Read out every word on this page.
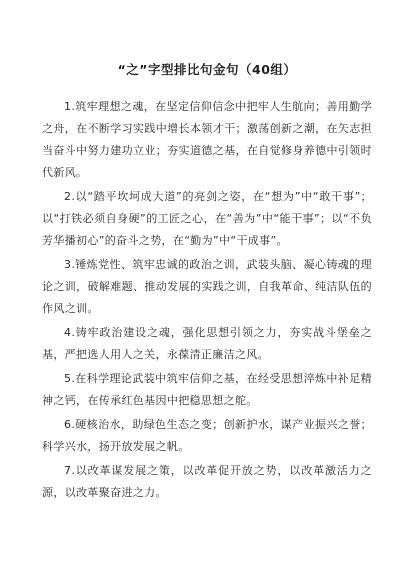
“之”字型排比句金句（40组）

1.筑牢理想之魂，在坚定信仰信念中把牢人生航向；善用勤学之舟，在不断学习实践中增长本领才干；激荡创新之潮，在矢志担当奋斗中努力建功立业；夯实道德之基，在自觉修身养德中引领时代新风。

2.以“踏平坎坷成大道”的亮剑之姿，在“想为”中“敢干事”；以“打铁必须自身硬”的工匠之心，在“善为”中“能干事”；以“不负芳华播初心”的奋斗之势，在“勤为”中“干成事”。

3.锤炼党性、筑牢忠诚的政治之训，武装头脑、凝心铸魂的理论之训，破解难题、推动发展的实践之训，自我革命、纯洁队伍的作风之训。

4.铸牢政治建设之魂，强化思想引领之力，夯实战斗堡垒之基，严把选人用人之关，永葆清正廉洁之风。

5.在科学理论武装中筑牢信仰之基，在经受思想淬炼中补足精神之钙，在传承红色基因中把稳思想之舵。

6.硬核治水，助绿色生态之变；创新护水，谋产业振兴之誉；科学兴水，扬开放发展之帆。

7.以改革谋发展之策，以改革促开放之势，以改革激活力之源，以改革聚奋进之力。
